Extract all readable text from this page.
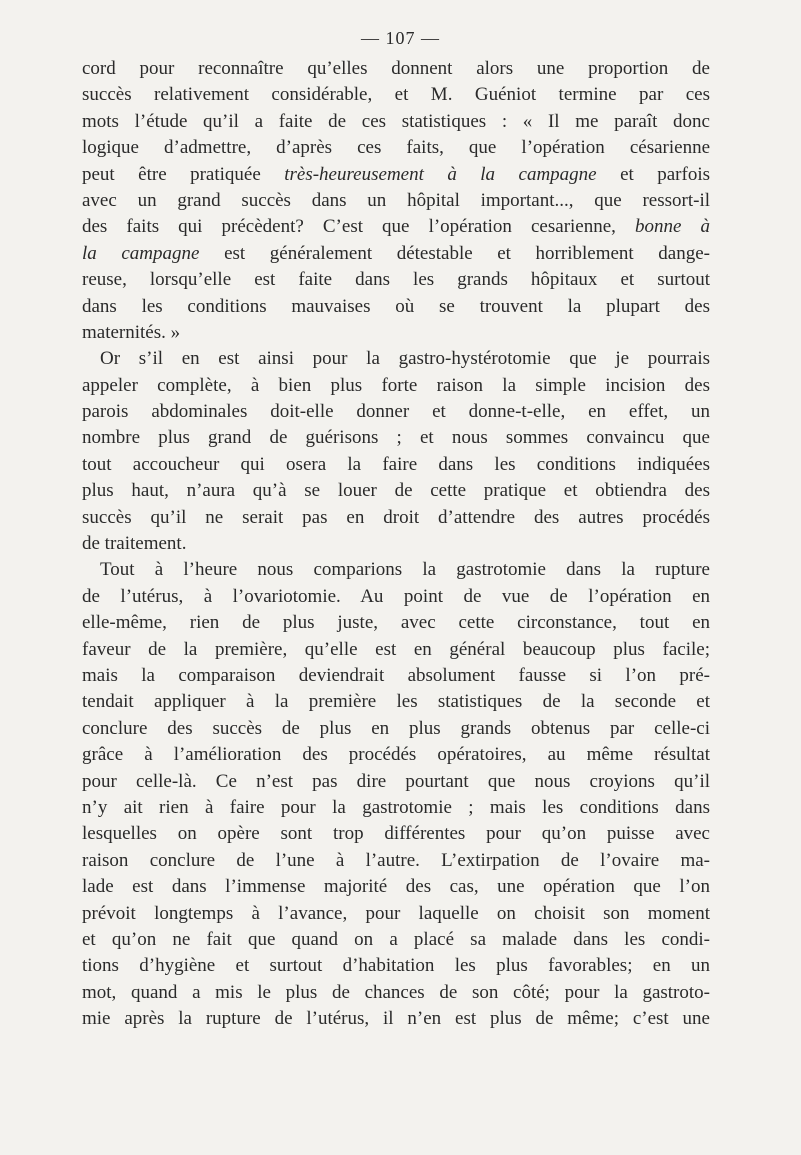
— 107 —
cord pour reconnaître qu’elles donnent alors une proportion de
succès relativement considérable, et M. Guéniot termine par ces
mots l’étude qu’il a faite de ces statistiques : « Il me paraît donc
logique d’admettre, d’après ces faits, que l’opération césarienne
peut être pratiquée très-heureusement à la campagne et parfois
avec un grand succès dans un hôpital important..., que ressort-il
des faits qui précèdent? C’est que l’opération cesarienne, bonne à
la campagne est généralement détestable et horriblement dange-
reuse, lorsqu’elle est faite dans les grands hôpitaux et surtout
dans les conditions mauvaises où se trouvent la plupart des
maternités. »
Or s’il en est ainsi pour la gastro-hystérotomie que je pourrais
appeler complète, à bien plus forte raison la simple incision des
parois abdominales doit-elle donner et donne-t-elle, en effet, un
nombre plus grand de guérisons ; et nous sommes convaincu que
tout accoucheur qui osera la faire dans les conditions indiquées
plus haut, n’aura qu’à se louer de cette pratique et obtiendra des
succès qu’il ne serait pas en droit d’attendre des autres procédés
de traitement.
Tout à l’heure nous comparions la gastrotomie dans la rupture
de l’utérus, à l’ovariotomie. Au point de vue de l’opération en
elle-même, rien de plus juste, avec cette circonstance, tout en
faveur de la première, qu’elle est en général beaucoup plus facile;
mais la comparaison deviendrait absolument fausse si l’on pré-
tendait appliquer à la première les statistiques de la seconde et
conclure des succès de plus en plus grands obtenus par celle-ci
grâce à l’amélioration des procédés opératoires, au même résultat
pour celle-là. Ce n’est pas dire pourtant que nous croyions qu’il
n’y ait rien à faire pour la gastrotomie ; mais les conditions dans
lesquelles on opère sont trop différentes pour qu’on puisse avec
raison conclure de l’une à l’autre. L’extirpation de l’ovaire ma-
lade est dans l’immense majorité des cas, une opération que l’on
prévoit longtemps à l’avance, pour laquelle on choisit son moment
et qu’on ne fait que quand on a placé sa malade dans les condi-
tions d’hygiène et surtout d’habitation les plus favorables; en un
mot, quand a mis le plus de chances de son côté; pour la gastroto-
mie après la rupture de l’utérus, il n’en est plus de même; c’est une
